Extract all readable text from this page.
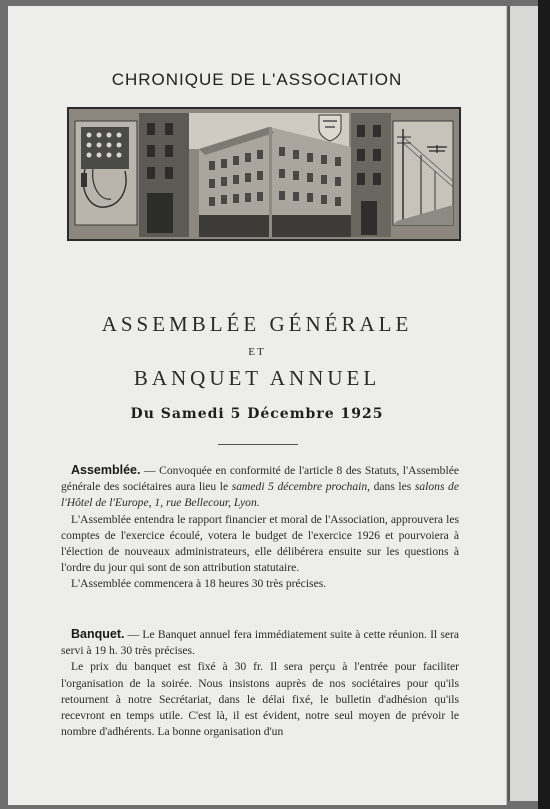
CHRONIQUE DE L'ASSOCIATION
ASSEMBLÉE GÉNÉRALE
ET
BANQUET ANNUEL
Du Samedi 5 Décembre 1925

Assemblée. — Convoquée en conformité de l'article 8 des Statuts, l'Assemblée générale des sociétaires aura lieu le samedi 5 décembre prochain, dans les salons de l'Hôtel de l'Europe, 1, rue Bellecour, Lyon.

L'Assemblée entendra le rapport financier et moral de l'Association, approuvera les comptes de l'exercice écoulé, votera le budget de l'exercice 1926 et pourvoiera à l'élection de nouveaux administrateurs, elle délibérera ensuite sur les questions à l'ordre du jour qui sont de son attribution statutaire.

L'Assemblée commencera à 18 heures 30 très précises.

Banquet. — Le Banquet annuel fera immédiatement suite à cette réunion. Il sera servi à 19 h. 30 très précises.

Le prix du banquet est fixé à 30 fr. Il sera perçu à l'entrée pour faciliter l'organisation de la soirée. Nous insistons auprès de nos sociétaires pour qu'ils retournent à notre Secrétariat, dans le délai fixé, le bulletin d'adhésion qu'ils recevront en temps utile. C'est là, il est évident, notre seul moyen de prévoir le nombre d'adhérents. La bonne organisation d'un
